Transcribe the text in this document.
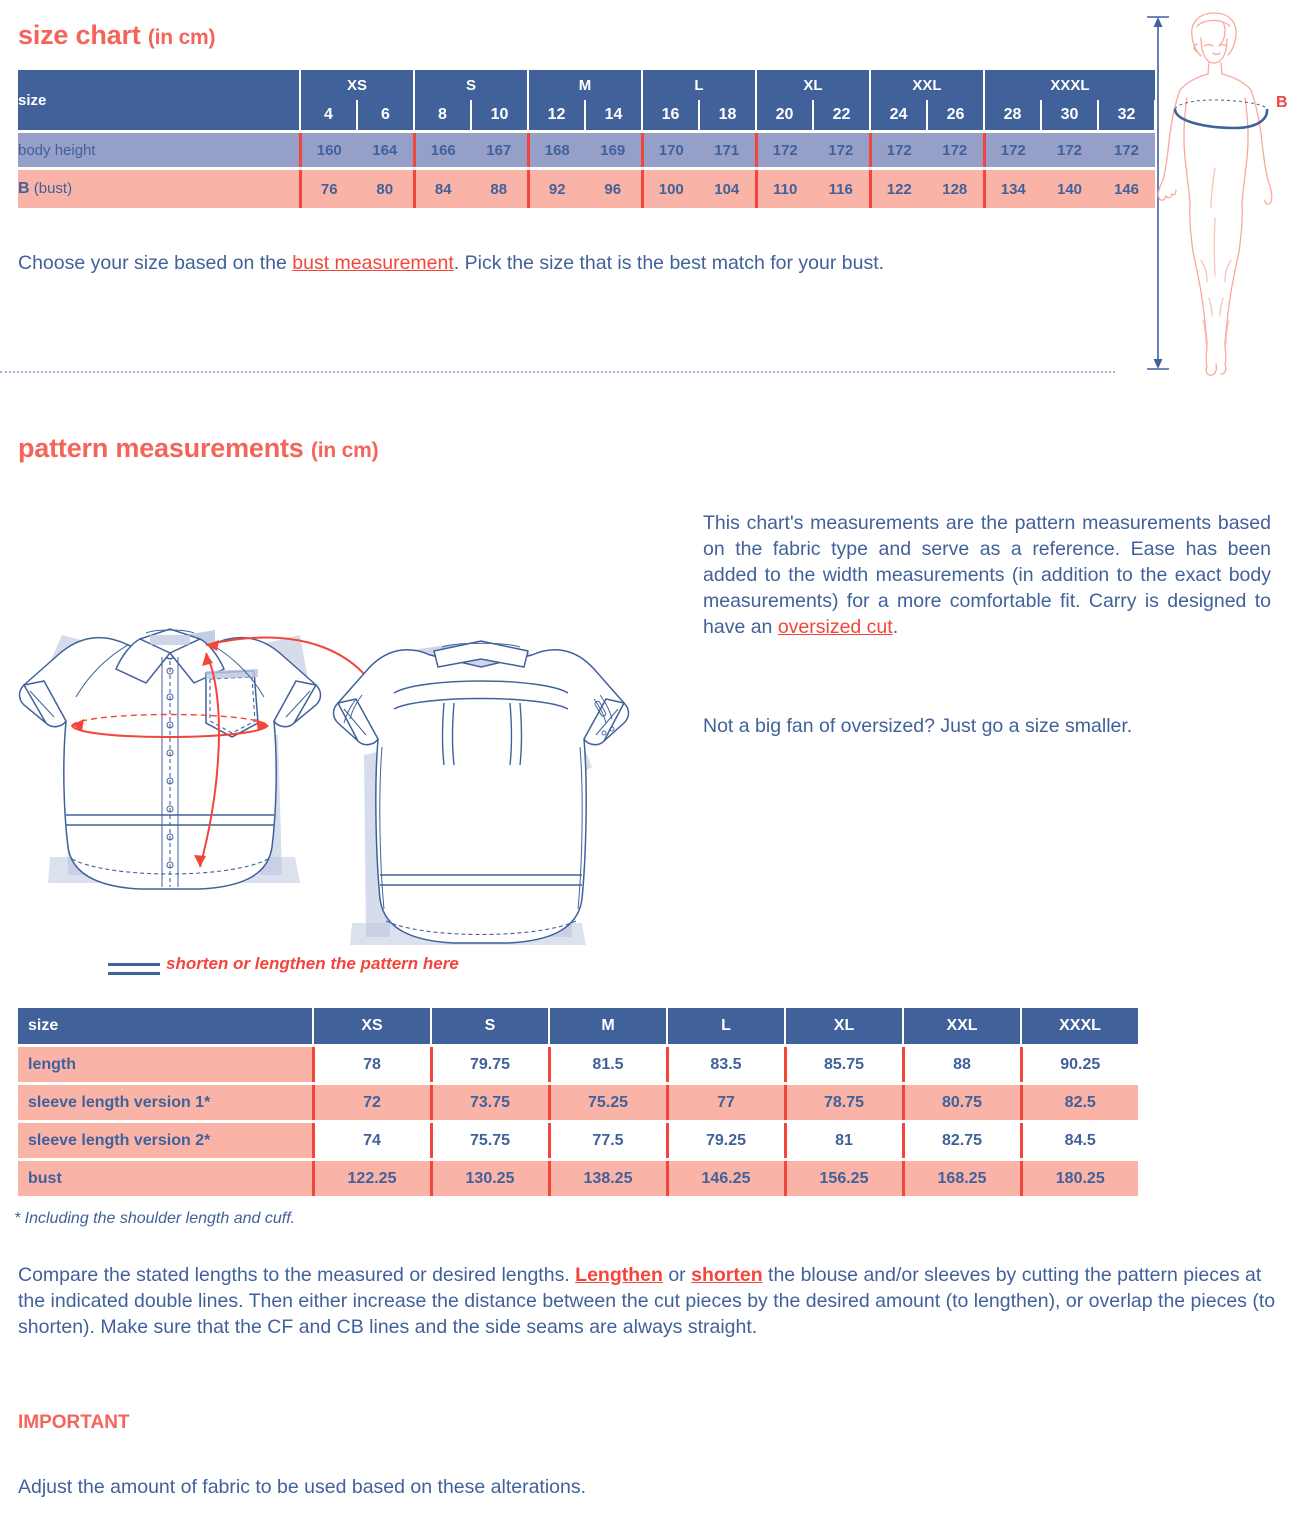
size chart (in cm)
size	XS		S		M		L		XL		XXL		XXXL		
	4	6	8	10	12	14	16	18	20	22	24	26	28	30	32

body height	160	164	166	167	168	169	170	171	172	172	172	172	172	172	172

B (bust)	76	80	84	88	92	96	100	104	110	116	122	128	134	140	146
Choose your size based on the bust measurement. Pick the size that is the best match for your bust.
B
pattern measurements (in cm)
This chart's measurements are the pattern measurements based on the fabric type and serve as a reference. Ease has been added to the width measurements (in addition to the exact body measurements) for a more comfortable fit. Carry is designed to have an oversized cut.
Not a big fan of oversized? Just go a size smaller.
shorten or lengthen the pattern here
size	XS	S	M	L	XL	XXL	XXXL

length	78	79.75	81.5	83.5	85.75	88	90.25

sleeve length version 1*	72	73.75	75.25	77	78.75	80.75	82.5

sleeve length version 2*	74	75.75	77.5	79.25	81	82.75	84.5

bust	122.25	130.25	138.25	146.25	156.25	168.25	180.25
* Including the shoulder length and cuff.
Compare the stated lengths to the measured or desired lengths. Lengthen or shorten the blouse and/or sleeves by cutting the pattern pieces at the indicated double lines. Then either increase the distance between the cut pieces by the desired amount (to lengthen), or overlap the pieces (to shorten). Make sure that the CF and CB lines and the side seams are always straight.
IMPORTANT
Adjust the amount of fabric to be used based on these alterations.
